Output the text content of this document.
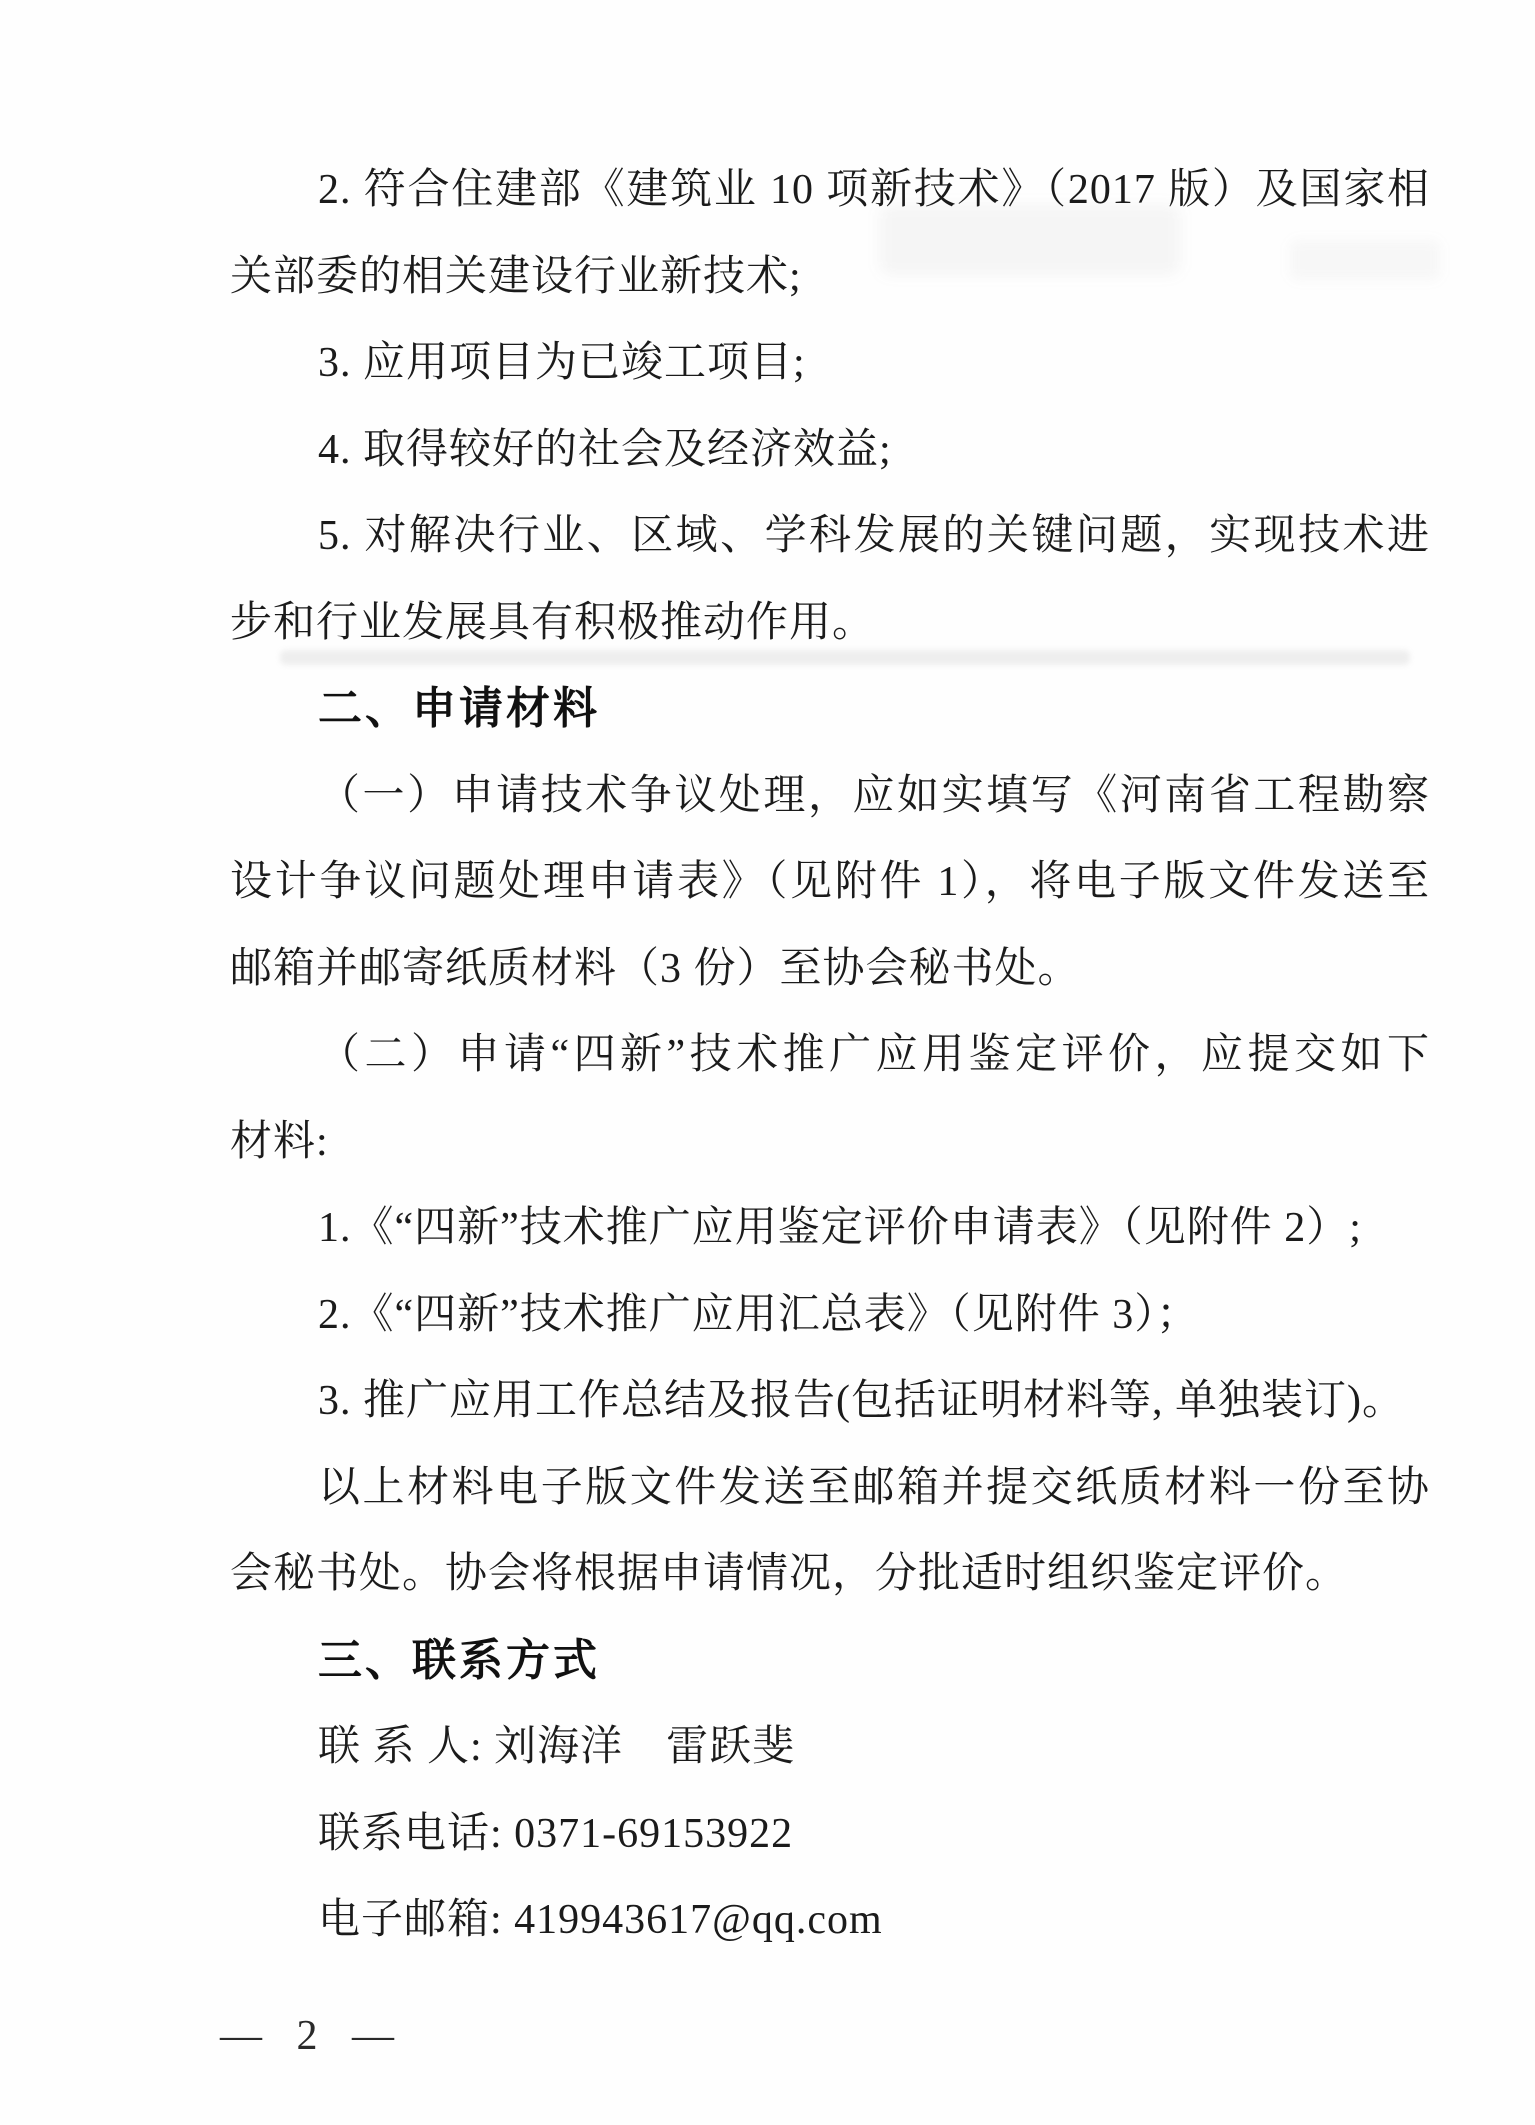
2. 符合住建部《建筑业 10 项新技术》（2017 版）及国家相
关部委的相关建设行业新技术;
3. 应用项目为已竣工项目;
4. 取得较好的社会及经济效益;
5. 对解决行业、区域、学科发展的关键问题，实现技术进
步和行业发展具有积极推动作用。
二、申请材料
（一）申请技术争议处理，应如实填写《河南省工程勘察
设计争议问题处理申请表》（见附件 1），将电子版文件发送至
邮箱并邮寄纸质材料（3 份）至协会秘书处。
（二）申请“四新”技术推广应用鉴定评价，应提交如下
材料:
1.《“四新”技术推广应用鉴定评价申请表》（见附件 2）;
2.《“四新”技术推广应用汇总表》（见附件 3）；
3. 推广应用工作总结及报告(包括证明材料等, 单独装订)。
以上材料电子版文件发送至邮箱并提交纸质材料一份至协
会秘书处。协会将根据申请情况，分批适时组织鉴定评价。
三、联系方式
联 系 人: 刘海洋　雷跃斐
联系电话: 0371-69153922
电子邮箱: 419943617@qq.com
— 2 —
